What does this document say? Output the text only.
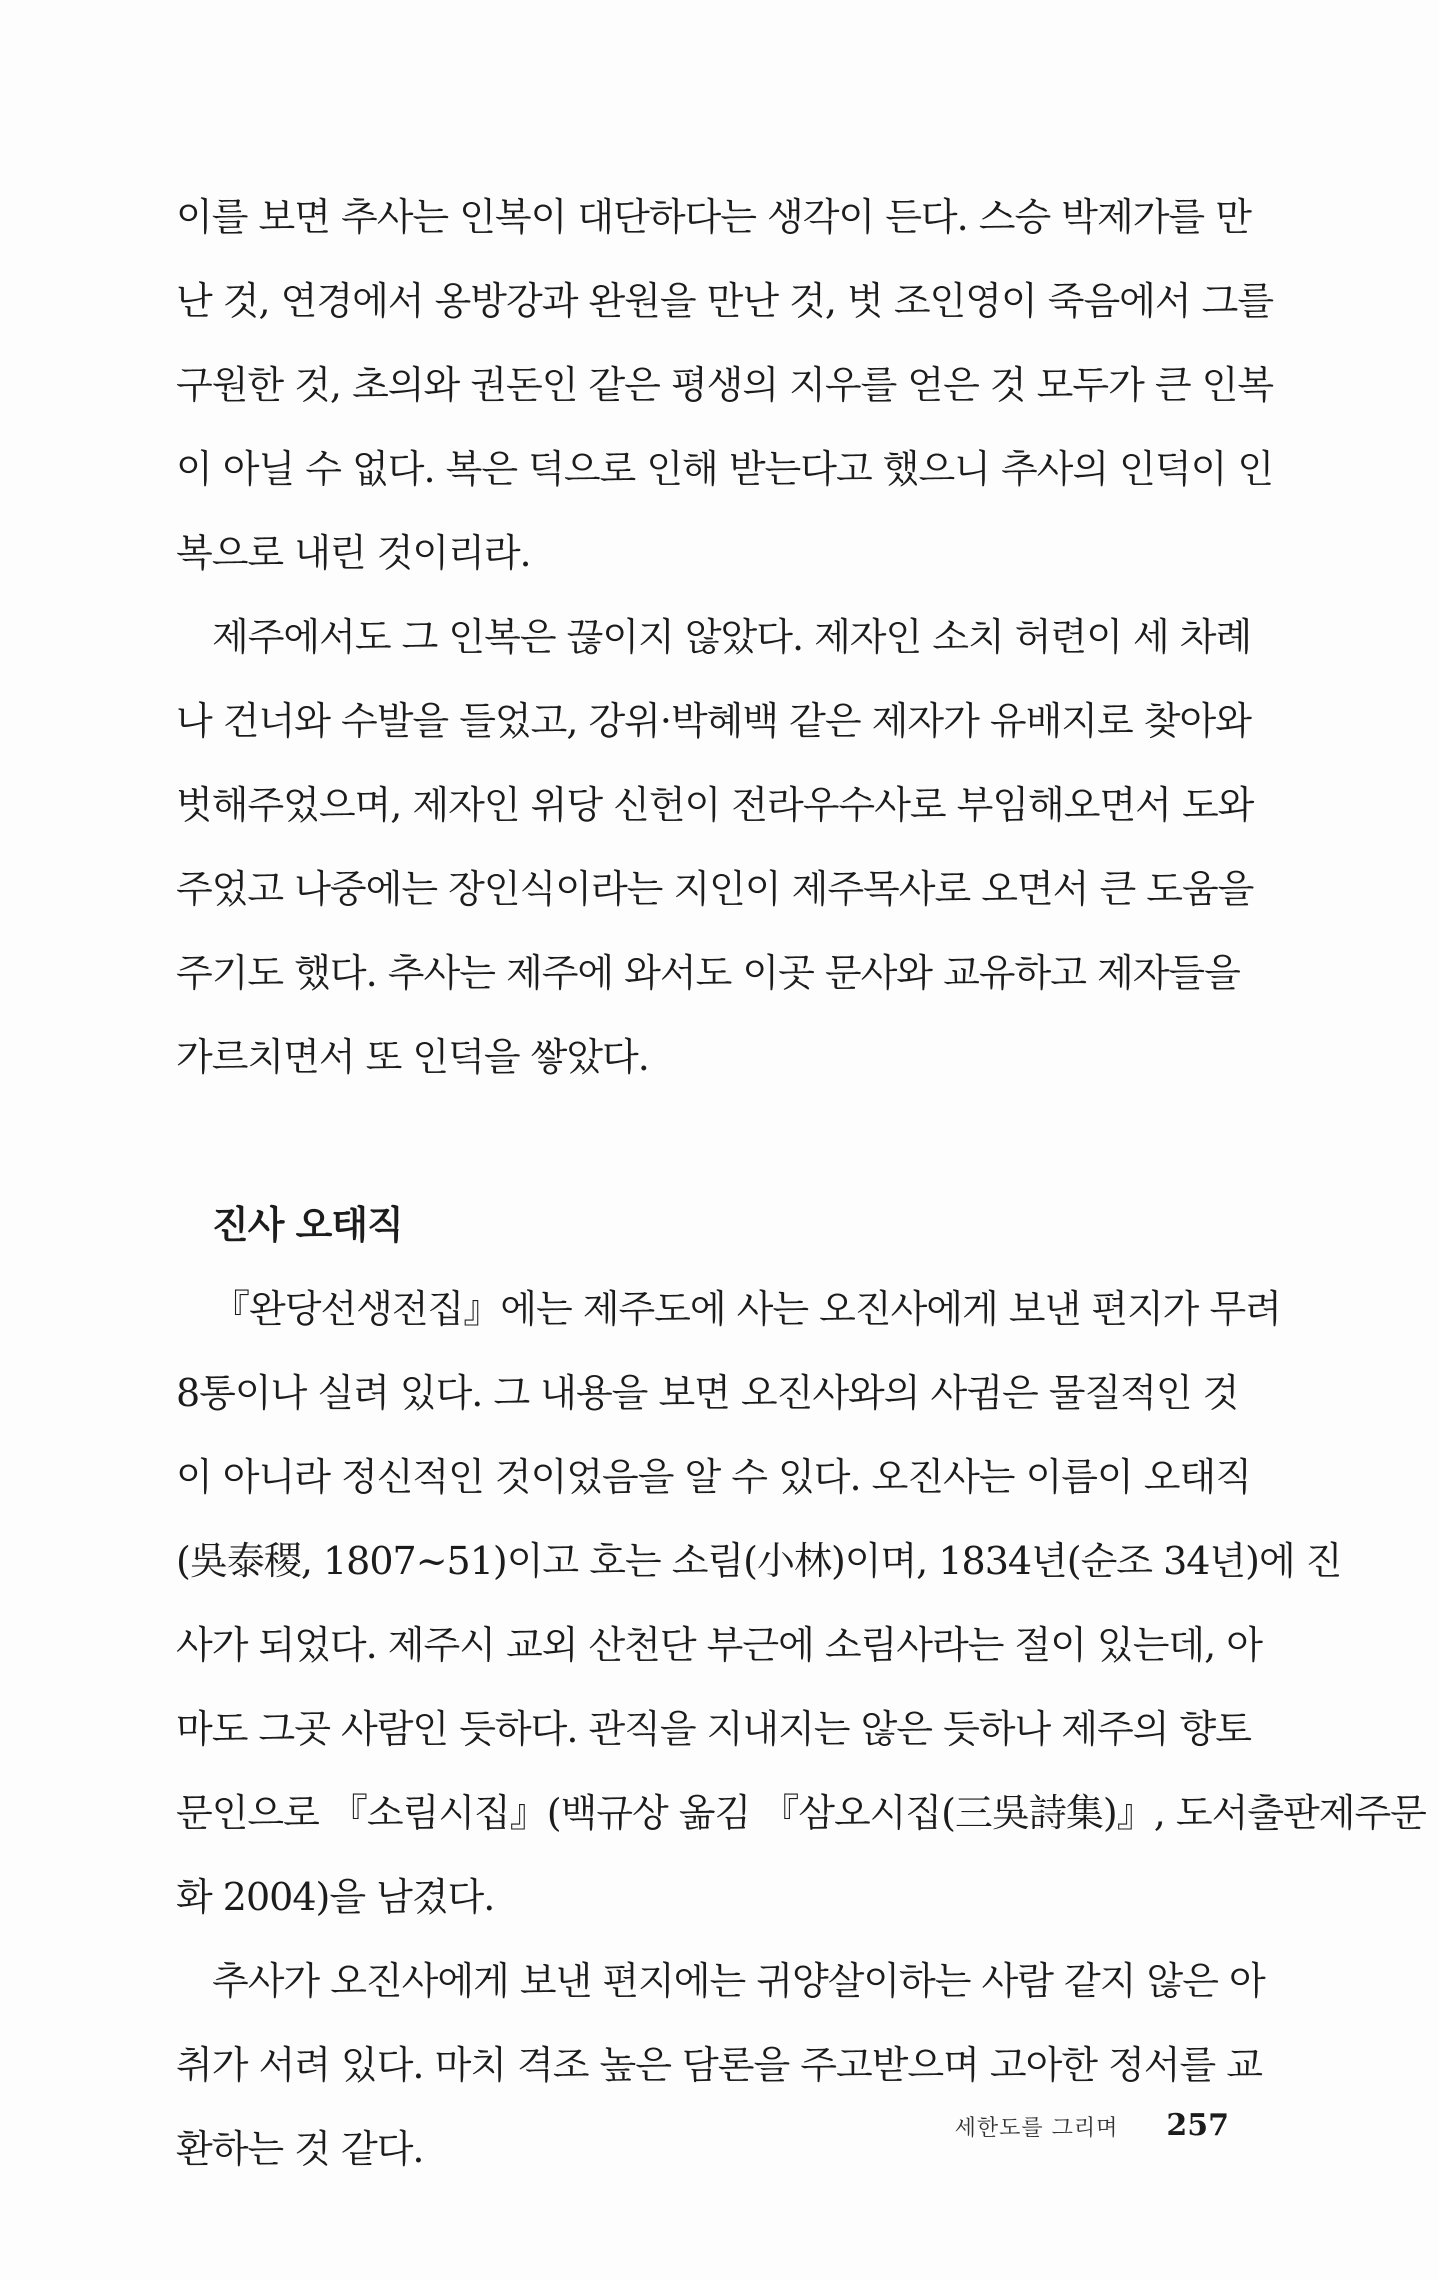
이를 보면 추사는 인복이 대단하다는 생각이 든다. 스승 박제가를 만
난 것, 연경에서 옹방강과 완원을 만난 것, 벗 조인영이 죽음에서 그를
구원한 것, 초의와 권돈인 같은 평생의 지우를 얻은 것 모두가 큰 인복
이 아닐 수 없다. 복은 덕으로 인해 받는다고 했으니 추사의 인덕이 인
복으로 내린 것이리라.
제주에서도 그 인복은 끊이지 않았다. 제자인 소치 허련이 세 차례
나 건너와 수발을 들었고, 강위·박혜백 같은 제자가 유배지로 찾아와
벗해주었으며, 제자인 위당 신헌이 전라우수사로 부임해오면서 도와
주었고 나중에는 장인식이라는 지인이 제주목사로 오면서 큰 도움을
주기도 했다. 추사는 제주에 와서도 이곳 문사와 교유하고 제자들을
가르치면서 또 인덕을 쌓았다.
진사 오태직
『완당선생전집』에는 제주도에 사는 오진사에게 보낸 편지가 무려
8통이나 실려 있다. 그 내용을 보면 오진사와의 사귐은 물질적인 것
이 아니라 정신적인 것이었음을 알 수 있다. 오진사는 이름이 오태직
(吳泰稷, 1807~51)이고 호는 소림(小林)이며, 1834년(순조 34년)에 진
사가 되었다. 제주시 교외 산천단 부근에 소림사라는 절이 있는데, 아
마도 그곳 사람인 듯하다. 관직을 지내지는 않은 듯하나 제주의 향토
문인으로 『소림시집』(백규상 옮김 『삼오시집(三吳詩集)』, 도서출판제주문
화 2004)을 남겼다.
추사가 오진사에게 보낸 편지에는 귀양살이하는 사람 같지 않은 아
취가 서려 있다. 마치 격조 높은 담론을 주고받으며 고아한 정서를 교
환하는 것 같다.	세한도를 그리며 257
